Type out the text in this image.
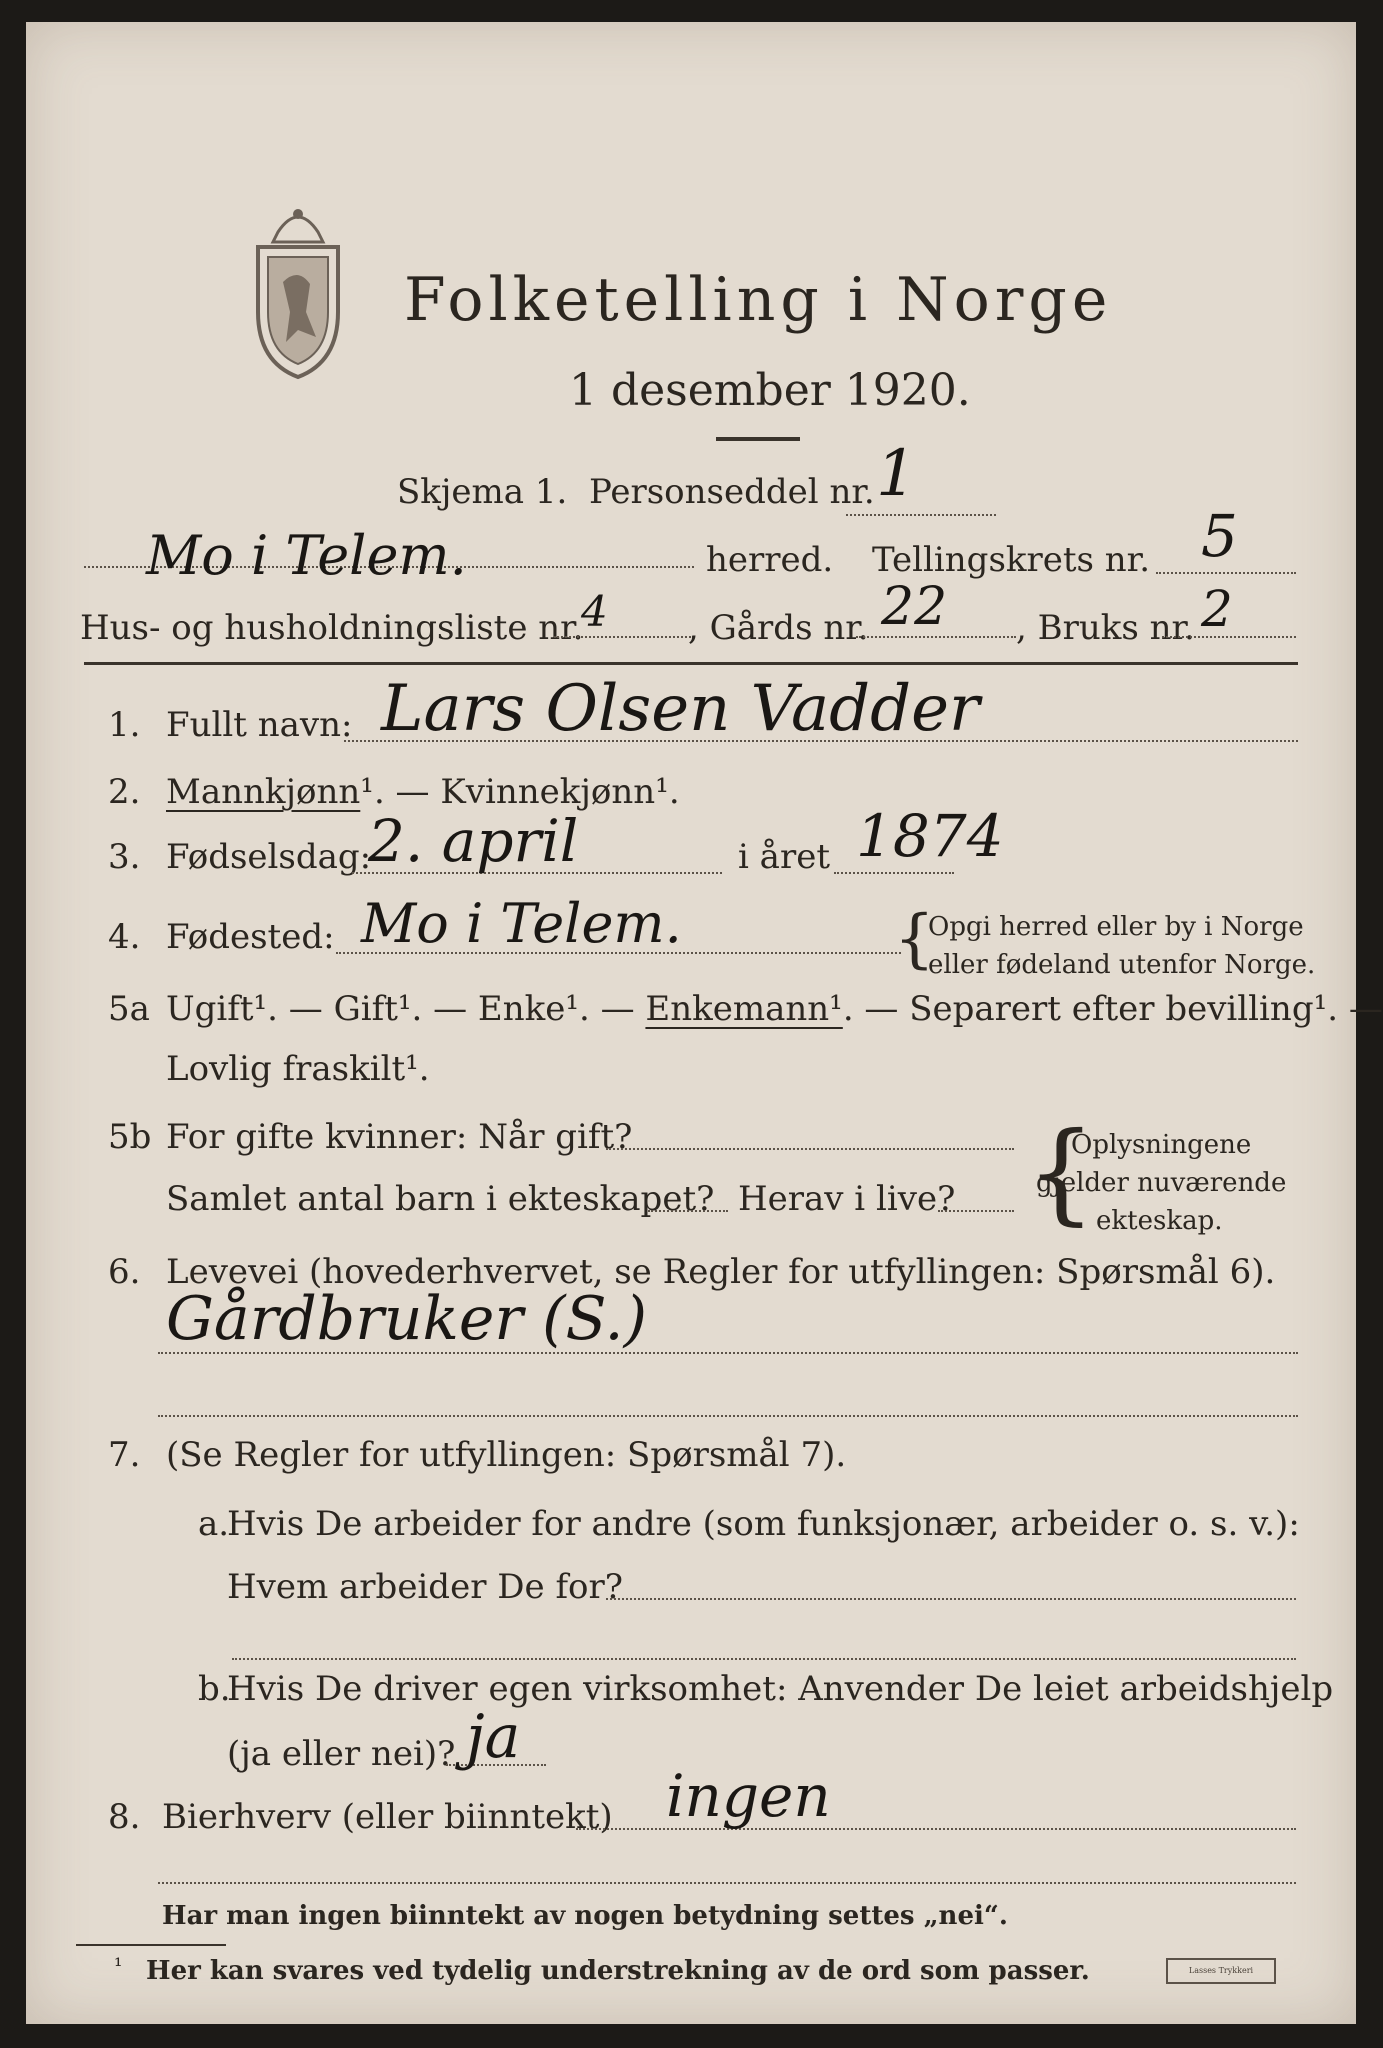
Folketelling i Norge
1 desember 1920.
Skjema 1. Personseddel nr. 1
Mo i Telem.	herred. Tellingskrets nr. 5
Hus- og husholdningsliste nr.
4 , Gårds nr. 22 , Bruks nr. 2
1. Fullt navn: Lars Olsen Vadder
2. Mannkjønn¹. — Kvinnekjønn¹.
3. Fødselsdag:
2. april	i året 1874
4. Fødested: Mo i Telem.	{
Opgi herred eller by i Norge
eller fødeland utenfor Norge.
5a Ugift¹. — Gift¹. — Enke¹. — Enkemann¹. — Separert efter bevilling¹. —
Lovlig fraskilt¹.
5b For gifte kvinner: Når gift?
Samlet antal barn i ekteskapet? Herav i live? {
Oplysningene
gjelder nuværende
ekteskap.
6. Levevei (hovederhvervet, se Regler for utfyllingen: Spørsmål 6).
Gårdbruker (S.)
7. (Se Regler for utfyllingen: Spørsmål 7).
a.
Hvis De arbeider for andre (som funksjonær, arbeider o. s. v.):
Hvem arbeider De for?
b.
Hvis De driver egen virksomhet: Anvender De leiet arbeidshjelp
(ja eller nei)? ja
8. Bierhverv (eller biinntekt) ingen
Har man ingen biinntekt av nogen betydning settes „nei“.
¹ Her kan svares ved tydelig understrekning av de ord som passer.	Lasses Trykkeri
